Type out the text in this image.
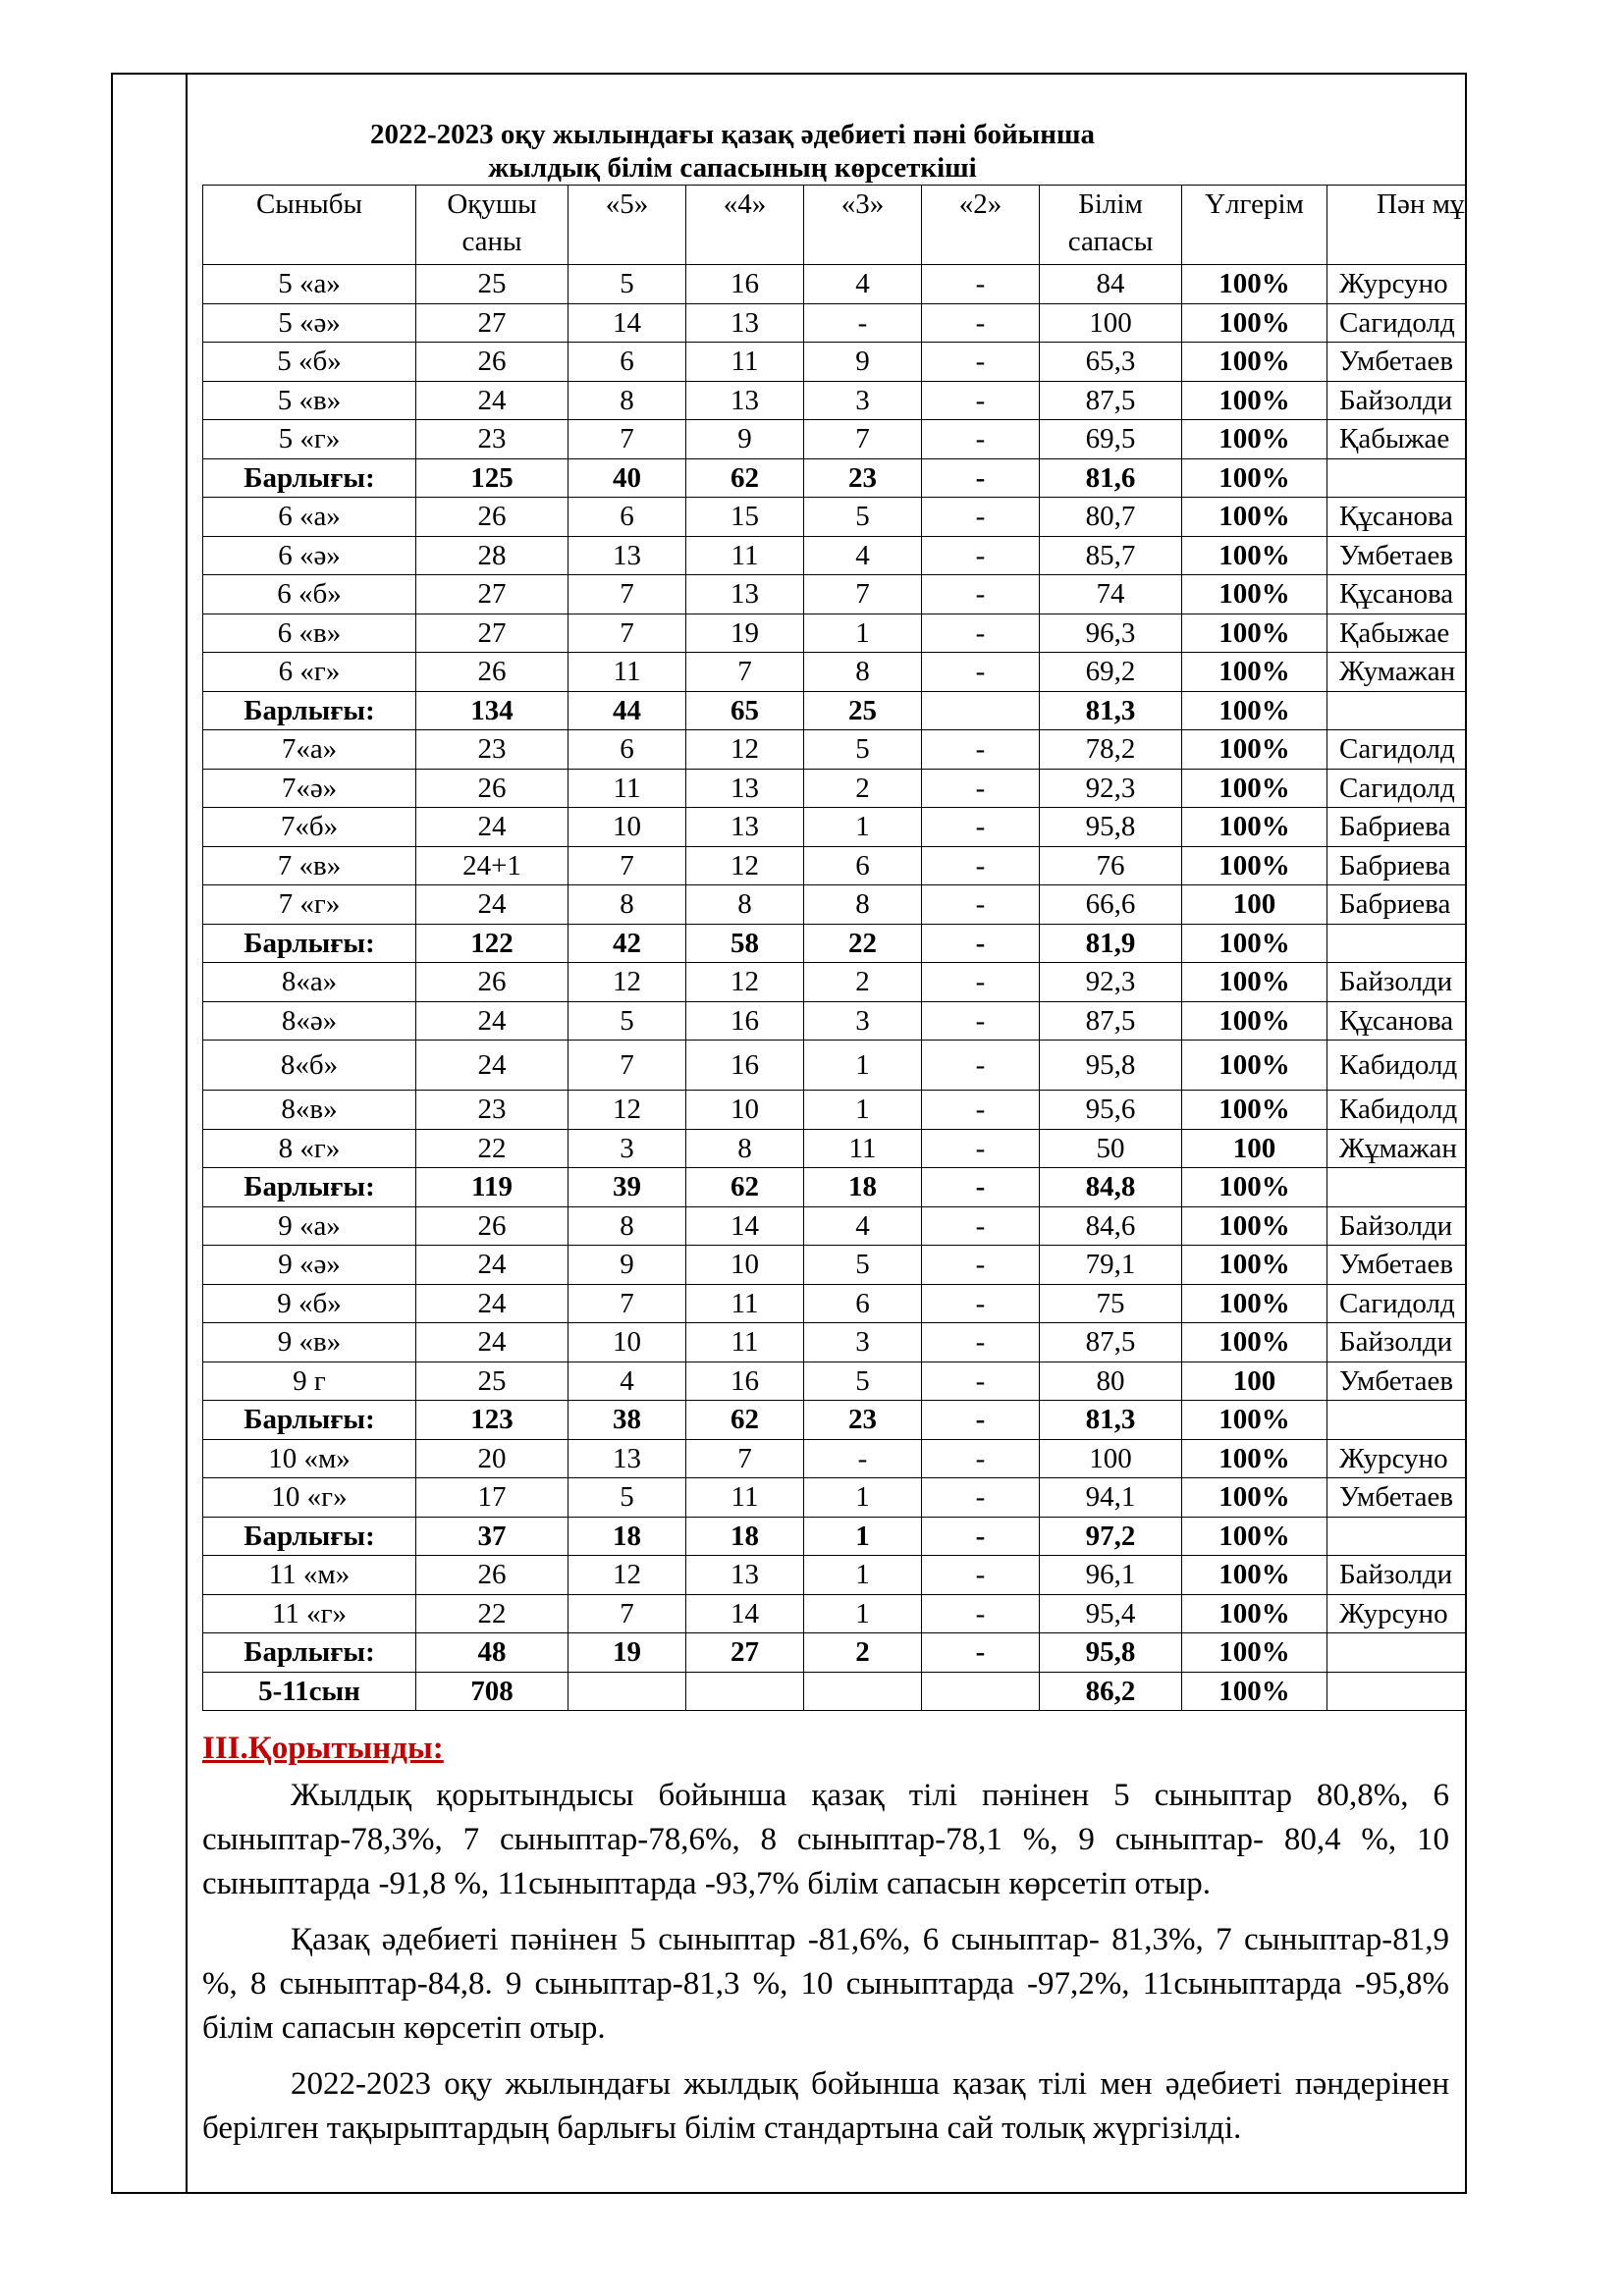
2022-2023 оқу жылындағы қазақ әдебиеті пәні бойынша
жылдық білім сапасының көрсеткіші
Сыныбы	Оқушы саны	«5»	«4»	«3»	«2»	Білім сапасы	Үлгерім	Пән мұ
5 «а»	25	5	16	4	-	84	100%	Журсуно
5 «ә»	27	14	13	-	-	100	100%	Сагидолд
5 «б»	26	6	11	9	-	65,3	100%	Умбетаев
5 «в»	24	8	13	3	-	87,5	100%	Байзолди
5 «г»	23	7	9	7	-	69,5	100%	Қабыжае
Барлығы:	125	40	62	23	-	81,6	100%	
6 «а»	26	6	15	5	-	80,7	100%	Құсанова
6 «ә»	28	13	11	4	-	85,7	100%	Умбетаев
6 «б»	27	7	13	7	-	74	100%	Құсанова
6 «в»	27	7	19	1	-	96,3	100%	Қабыжае
6 «г»	26	11	7	8	-	69,2	100%	Жумажан
Барлығы:	134	44	65	25		81,3	100%	
7«а»	23	6	12	5	-	78,2	100%	Сагидолд
7«ә»	26	11	13	2	-	92,3	100%	Сагидолд
7«б»	24	10	13	1	-	95,8	100%	Бабриева
7 «в»	24+1	7	12	6	-	76	100%	Бабриева
7 «г»	24	8	8	8	-	66,6	100	Бабриева
Барлығы:	122	42	58	22	-	81,9	100%	
8«а»	26	12	12	2	-	92,3	100%	Байзолди
8«ә»	24	5	16	3	-	87,5	100%	Құсанова
8«б»	24	7	16	1	-	95,8	100%	Кабидолд
8«в»	23	12	10	1	-	95,6	100%	Кабидолд
8 «г»	22	3	8	11	-	50	100	Жұмажан
Барлығы:	119	39	62	18	-	84,8	100%	
9 «а»	26	8	14	4	-	84,6	100%	Байзолди
9 «ә»	24	9	10	5	-	79,1	100%	Умбетаев
9 «б»	24	7	11	6	-	75	100%	Сагидолд
9 «в»	24	10	11	3	-	87,5	100%	Байзолди
9 г	25	4	16	5	-	80	100	Умбетаев
Барлығы:	123	38	62	23	-	81,3	100%	
10 «м»	20	13	7	-	-	100	100%	Журсуно
10 «г»	17	5	11	1	-	94,1	100%	Умбетаев
Барлығы:	37	18	18	1	-	97,2	100%	
11 «м»	26	12	13	1	-	96,1	100%	Байзолди
11 «г»	22	7	14	1	-	95,4	100%	Журсуно
Барлығы:	48	19	27	2	-	95,8	100%	
5-11сын	708					86,2	100%	
ІІІ.Қорытынды:

Жылдық қорытындысы бойынша қазақ тілі пәнінен 5 сыныптар 80,8%, 6 сыныптар-78,3%, 7 сыныптар-78,6%, 8 сыныптар-78,1 %, 9 сыныптар- 80,4 %, 10 сыныптарда -91,8 %, 11сыныптарда -93,7% білім сапасын көрсетіп отыр.

Қазақ әдебиеті пәнінен 5 сыныптар -81,6%, 6 сыныптар- 81,3%, 7 сыныптар-81,9 %, 8 сыныптар-84,8. 9 сыныптар-81,3 %, 10 сыныптарда -97,2%, 11сыныптарда -95,8% білім сапасын көрсетіп отыр.

2022-2023 оқу жылындағы жылдық бойынша қазақ тілі мен әдебиеті пәндерінен берілген тақырыптардың барлығы білім стандартына сай толық жүргізілді.
